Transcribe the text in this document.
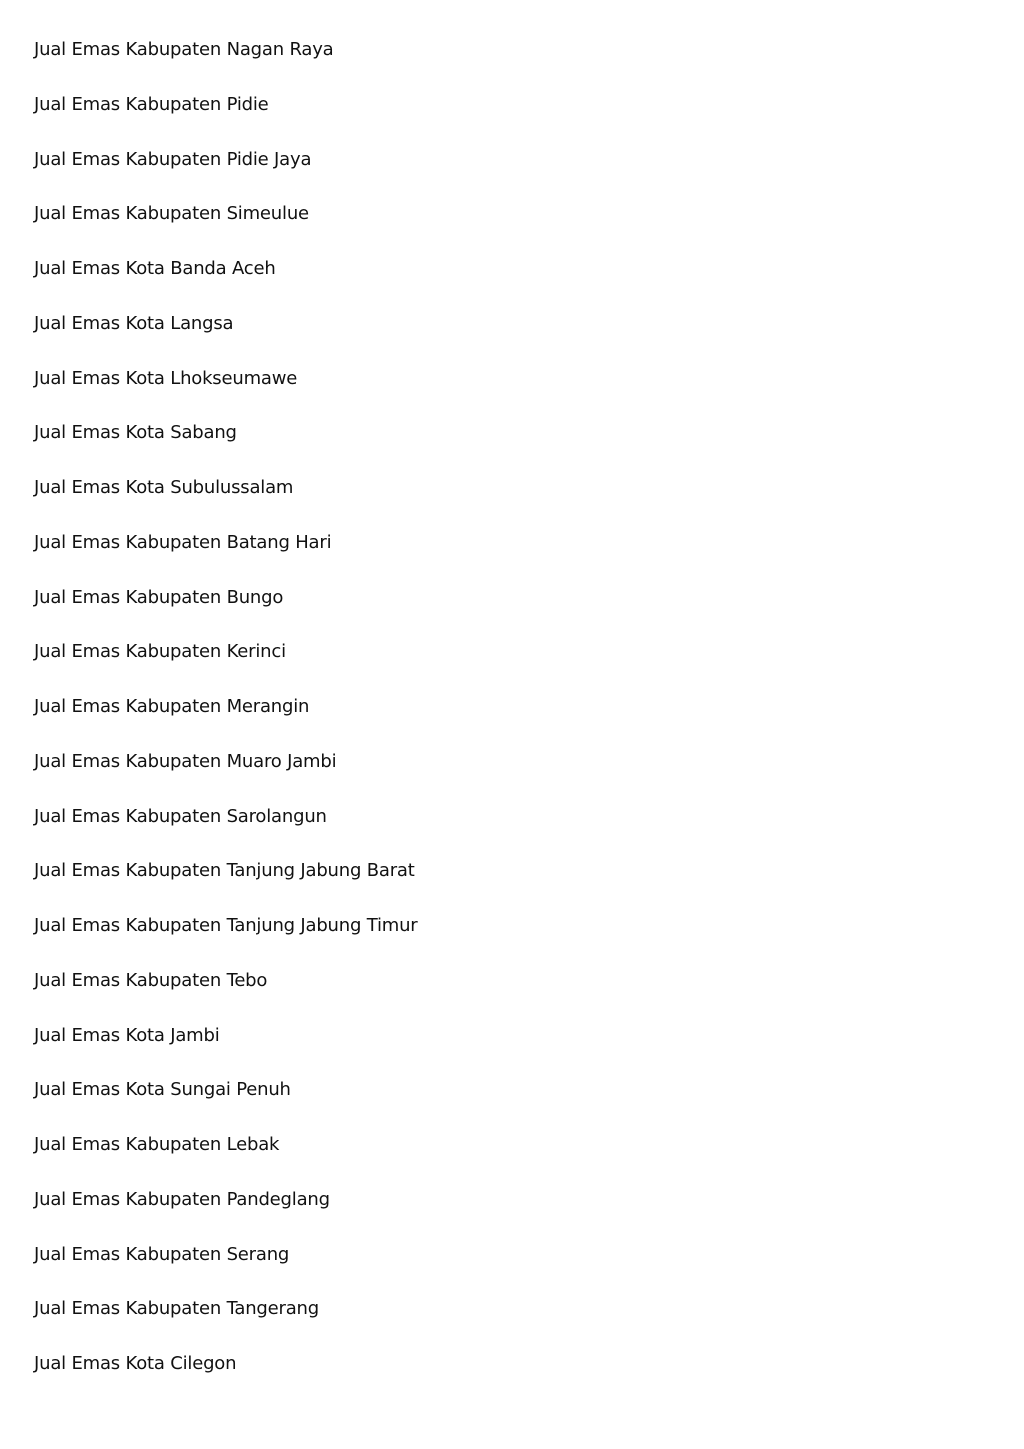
Jual Emas Kabupaten Nagan Raya
Jual Emas Kabupaten Pidie
Jual Emas Kabupaten Pidie Jaya
Jual Emas Kabupaten Simeulue
Jual Emas Kota Banda Aceh
Jual Emas Kota Langsa
Jual Emas Kota Lhokseumawe
Jual Emas Kota Sabang
Jual Emas Kota Subulussalam
Jual Emas Kabupaten Batang Hari
Jual Emas Kabupaten Bungo
Jual Emas Kabupaten Kerinci
Jual Emas Kabupaten Merangin
Jual Emas Kabupaten Muaro Jambi
Jual Emas Kabupaten Sarolangun
Jual Emas Kabupaten Tanjung Jabung Barat
Jual Emas Kabupaten Tanjung Jabung Timur
Jual Emas Kabupaten Tebo
Jual Emas Kota Jambi
Jual Emas Kota Sungai Penuh
Jual Emas Kabupaten Lebak
Jual Emas Kabupaten Pandeglang
Jual Emas Kabupaten Serang
Jual Emas Kabupaten Tangerang
Jual Emas Kota Cilegon
